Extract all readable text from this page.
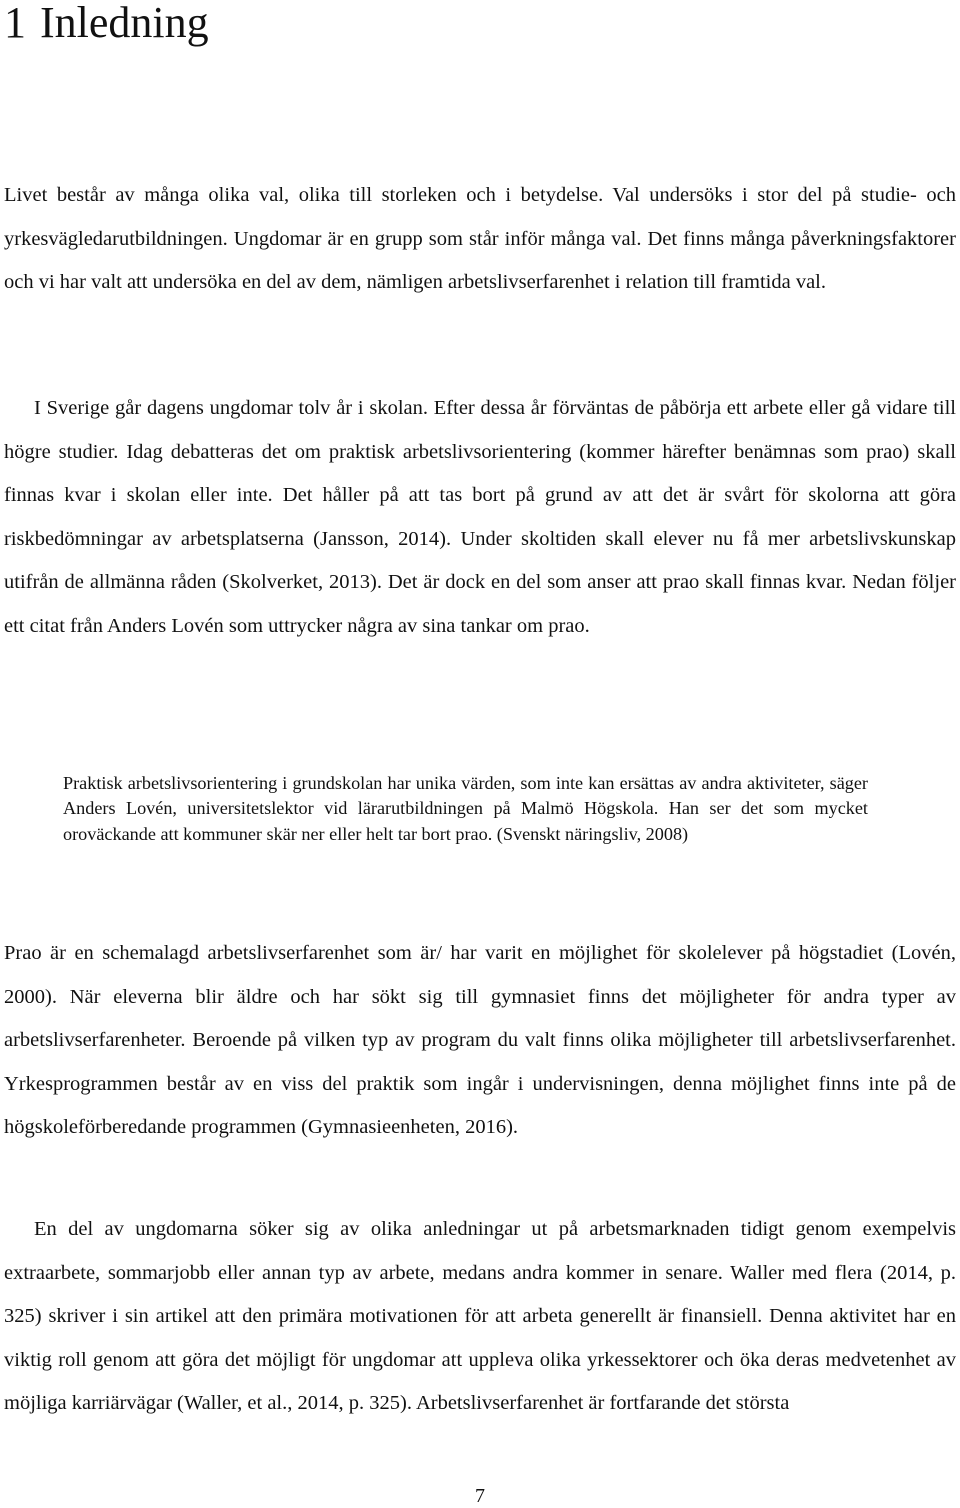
1 Inledning

Livet består av många olika val, olika till storleken och i betydelse. Val undersöks i stor del på studie- och yrkesvägledarutbildningen. Ungdomar är en grupp som står inför många val. Det finns många påverkningsfaktorer och vi har valt att undersöka en del av dem, nämligen arbetslivserfarenhet i relation till framtida val.

I Sverige går dagens ungdomar tolv år i skolan. Efter dessa år förväntas de påbörja ett arbete eller gå vidare till högre studier. Idag debatteras det om praktisk arbetslivsorientering (kommer härefter benämnas som prao) skall finnas kvar i skolan eller inte. Det håller på att tas bort på grund av att det är svårt för skolorna att göra riskbedömningar av arbetsplatserna (Jansson, 2014). Under skoltiden skall elever nu få mer arbetslivskunskap utifrån de allmänna råden (Skolverket, 2013). Det är dock en del som anser att prao skall finnas kvar. Nedan följer ett citat från Anders Lovén som uttrycker några av sina tankar om prao.

Praktisk arbetslivsorientering i grundskolan har unika värden, som inte kan ersättas av andra aktiviteter, säger Anders Lovén, universitetslektor vid lärarutbildningen på Malmö Högskola. Han ser det som mycket oroväckande att kommuner skär ner eller helt tar bort prao. (Svenskt näringsliv, 2008)

Prao är en schemalagd arbetslivserfarenhet som är/ har varit en möjlighet för skolelever på högstadiet (Lovén, 2000). När eleverna blir äldre och har sökt sig till gymnasiet finns det möjligheter för andra typer av arbetslivserfarenheter. Beroende på vilken typ av program du valt finns olika möjligheter till arbetslivserfarenhet. Yrkesprogrammen består av en viss del praktik som ingår i undervisningen, denna möjlighet finns inte på de högskoleförberedande programmen (Gymnasieenheten, 2016).

En del av ungdomarna söker sig av olika anledningar ut på arbetsmarknaden tidigt genom exempelvis extraarbete, sommarjobb eller annan typ av arbete, medans andra kommer in senare. Waller med flera (2014, p. 325) skriver i sin artikel att den primära motivationen för att arbeta generellt är finansiell. Denna aktivitet har en viktig roll genom att göra det möjligt för ungdomar att uppleva olika yrkessektorer och öka deras medvetenhet av möjliga karriärvägar (Waller, et al., 2014, p. 325). Arbetslivserfarenhet är fortfarande det största

7
